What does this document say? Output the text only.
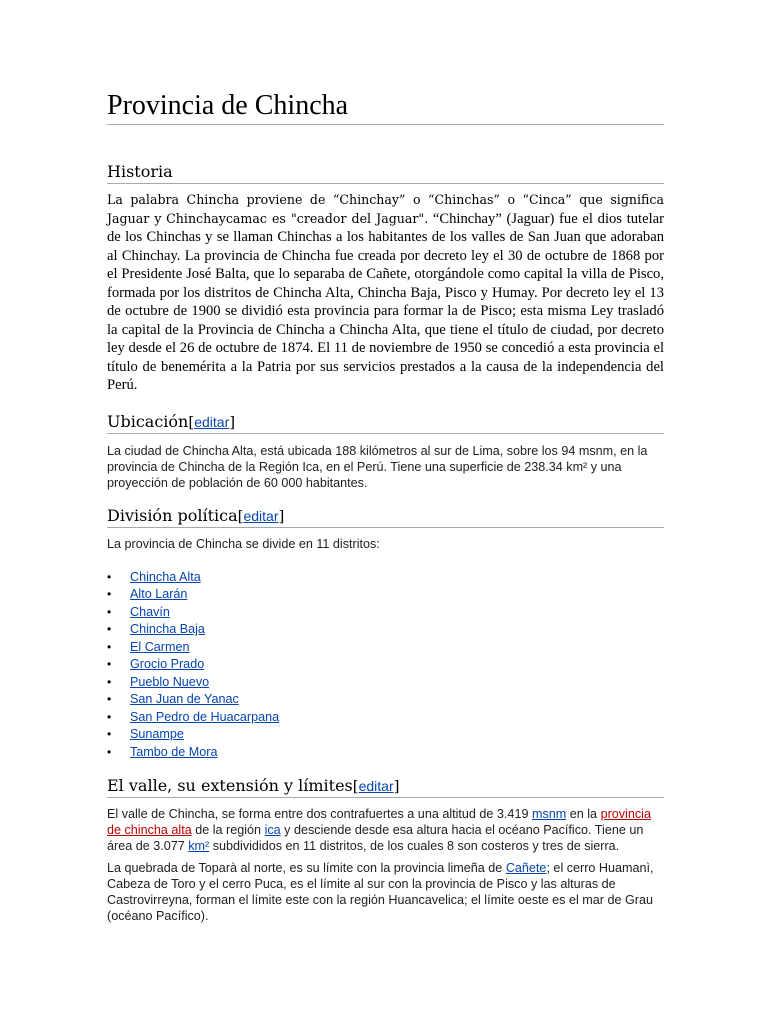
Provincia de Chincha
Historia

La palabra Chincha proviene de “Chinchay” o “Chinchas” o “Cinca” que significa Jaguar y Chinchaycamac es "creador del Jaguar". “Chinchay” (Jaguar) fue el dios tutelar de los Chinchas y se llaman Chinchas a los habitantes de los valles de San Juan que adoraban al Chinchay. La provincia de Chincha fue creada por decreto ley el 30 de octubre de 1868 por el Presidente José Balta, que lo separaba de Cañete, otorgándole como capital la villa de Pisco, formada por los distritos de Chincha Alta, Chincha Baja, Pisco y Humay. Por decreto ley el 13 de octubre de 1900 se dividió esta provincia para formar la de Pisco; esta misma Ley trasladó la capital de la Provincia de Chincha a Chincha Alta, que tiene el título de ciudad, por decreto ley desde el 26 de octubre de 1874. El 11 de noviembre de 1950 se concedió a esta provincia el título de benemérita a la Patria por sus servicios prestados a la causa de la independencia del Perú.

Ubicación[editar]

La ciudad de Chincha Alta, está ubicada 188 kilómetros al sur de Lima, sobre los 94 msnm, en la provincia de Chincha de la Región Ica, en el Perú. Tiene una superficie de 238.34 km² y una proyección de población de 60 000 habitantes.

División política[editar]

La provincia de Chincha se divide en 11 distritos:

• Chincha Alta
• Alto Larán
• Chavín
• Chincha Baja
• El Carmen
• Grocio Prado
• Pueblo Nuevo
• San Juan de Yanac
• San Pedro de Huacarpana
• Sunampe
• Tambo de Mora
El valle, su extensión y límites[editar]

El valle de Chincha, se forma entre dos contrafuertes a una altitud de 3.419 msnm en la provincia de chincha alta de la región ica y desciende desde esa altura hacia el océano Pacífico. Tiene un área de 3.077 km² subdivididos en 11 distritos, de los cuales 8 son costeros y tres de sierra.

La quebrada de Toparà al norte, es su límite con la provincia limeña de Cañete; el cerro Huamanì, Cabeza de Toro y el cerro Puca, es el límite al sur con la provincia de Pisco y las alturas de Castrovirreyna, forman el límite este con la región Huancavelica; el límite oeste es el mar de Grau (océano Pacífico).
